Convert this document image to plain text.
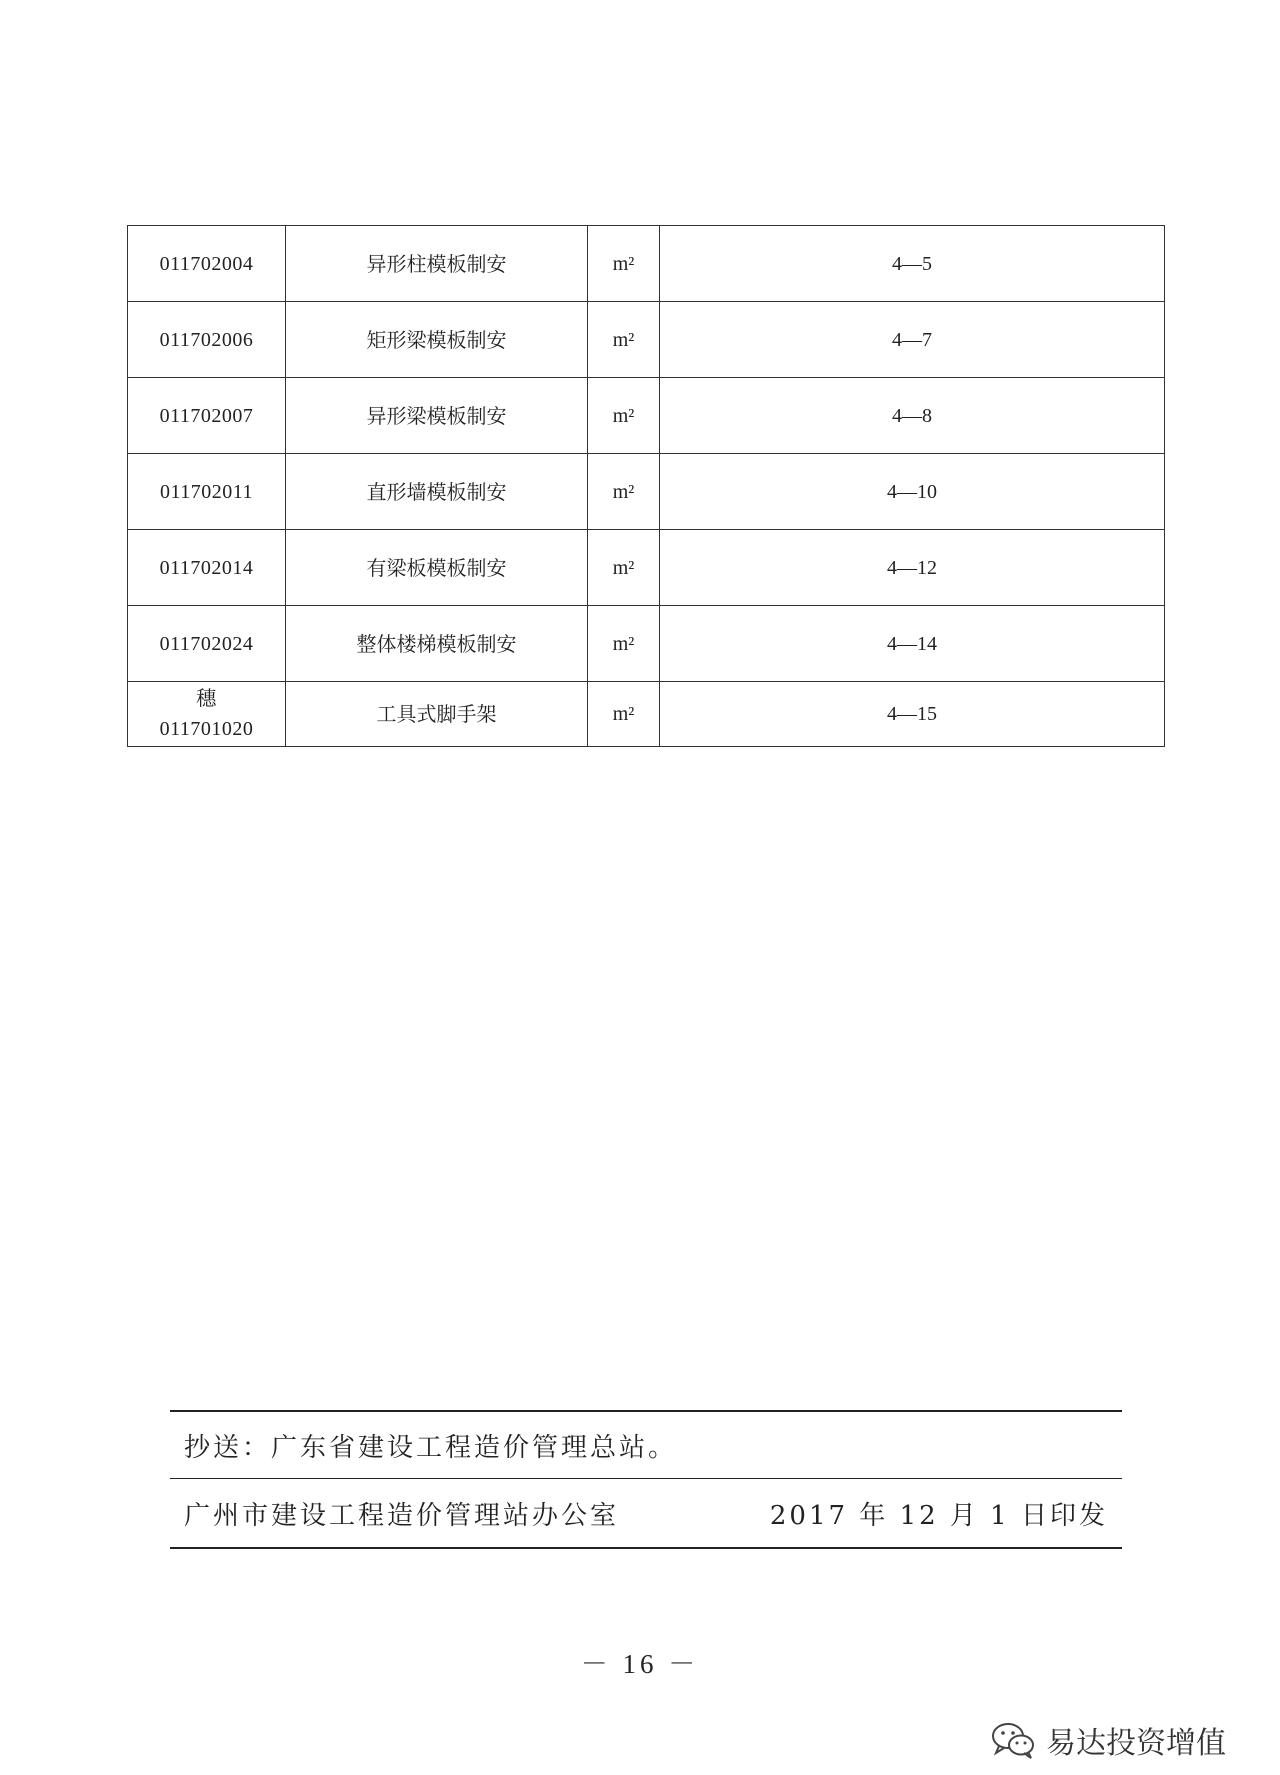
011702004	异形柱模板制安	m²	4—5

011702006	矩形梁模板制安	m²	4—7

011702007	异形梁模板制安	m²	4—8

011702011	直形墙模板制安	m²	4—10

011702014	有梁板模板制安	m²	4—12

011702024	整体楼梯模板制安	m²	4—14

穗
011701020	工具式脚手架	m²	4—15
抄送：广东省建设工程造价管理总站。
广州市建设工程造价管理站办公室	2017 年 12 月 1 日印发
－ 16 －
易达投资增值
